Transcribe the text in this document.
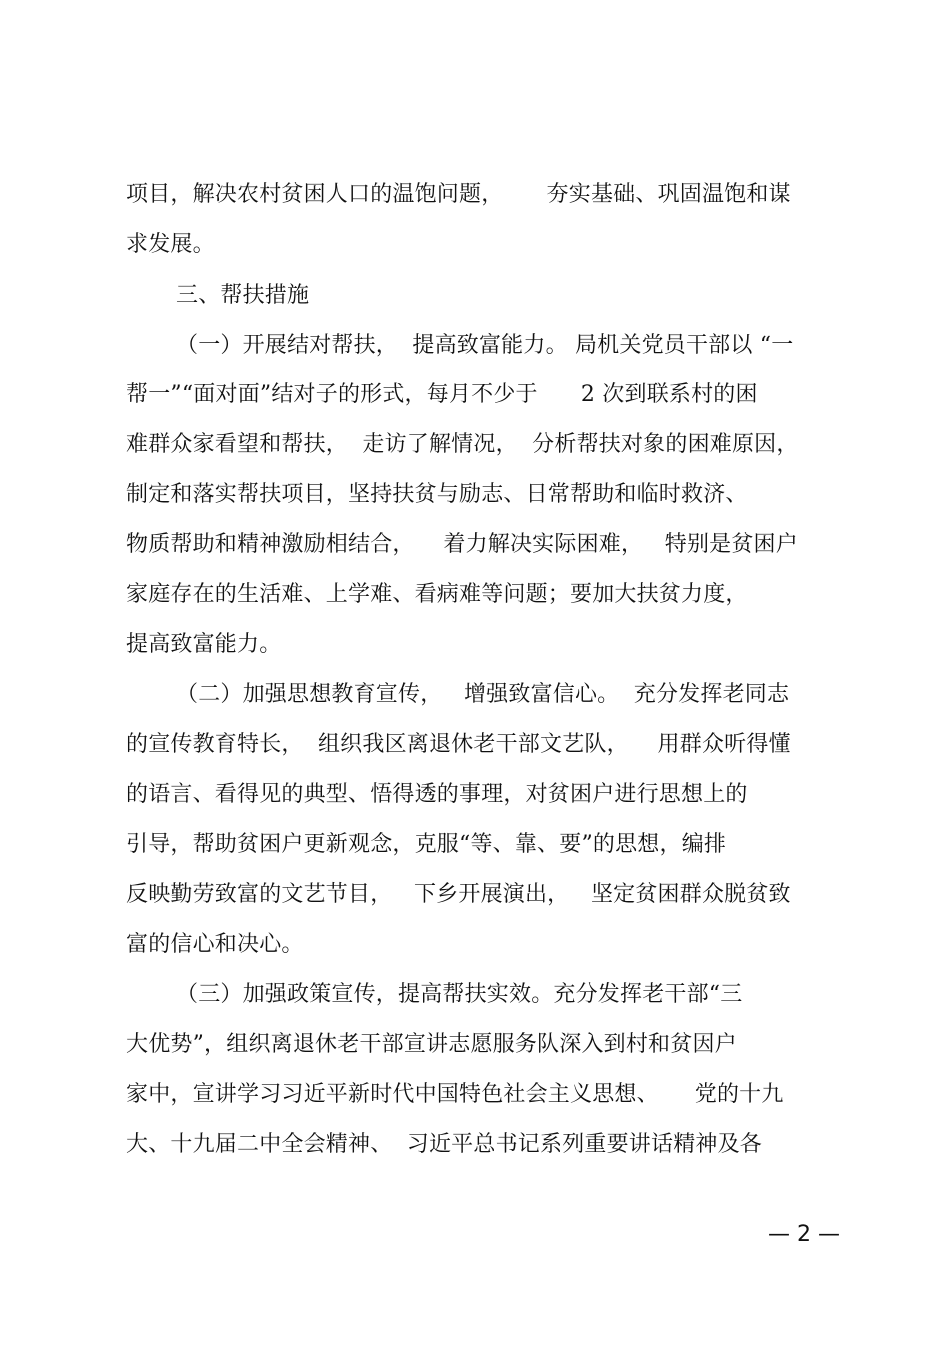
项目，解决农村贫困人口的温饱问题，      夯实基础、巩固温饱和谋
求发展。
三、帮扶措施
（一）开展结对帮扶，  提高致富能力。 局机关党员干部以 “一
帮一”“面对面”结对子的形式，每月不少于      2 次到联系村的困
难群众家看望和帮扶，  走访了解情况，  分析帮扶对象的困难原因，
制定和落实帮扶项目，坚持扶贫与励志、日常帮助和临时救济、
物质帮助和精神激励相结合，    着力解决实际困难，   特别是贫困户
家庭存在的生活难、上学难、看病难等问题；要加大扶贫力度，
提高致富能力。
（二）加强思想教育宣传，   增强致富信心。  充分发挥老同志
的宣传教育特长，  组织我区离退休老干部文艺队，    用群众听得懂
的语言、看得见的典型、悟得透的事理，对贫困户进行思想上的
引导，帮助贫困户更新观念，克服“等、靠、要”的思想，编排
反映勤劳致富的文艺节目，   下乡开展演出，   坚定贫困群众脱贫致
富的信心和决心。
（三）加强政策宣传，提高帮扶实效。充分发挥老干部“三
大优势”，组织离退休老干部宣讲志愿服务队深入到村和贫因户
家中，宣讲学习习近平新时代中国特色社会主义思想、     党的十九
大、十九届二中全会精神、  习近平总书记系列重要讲话精神及各
— 2 —
